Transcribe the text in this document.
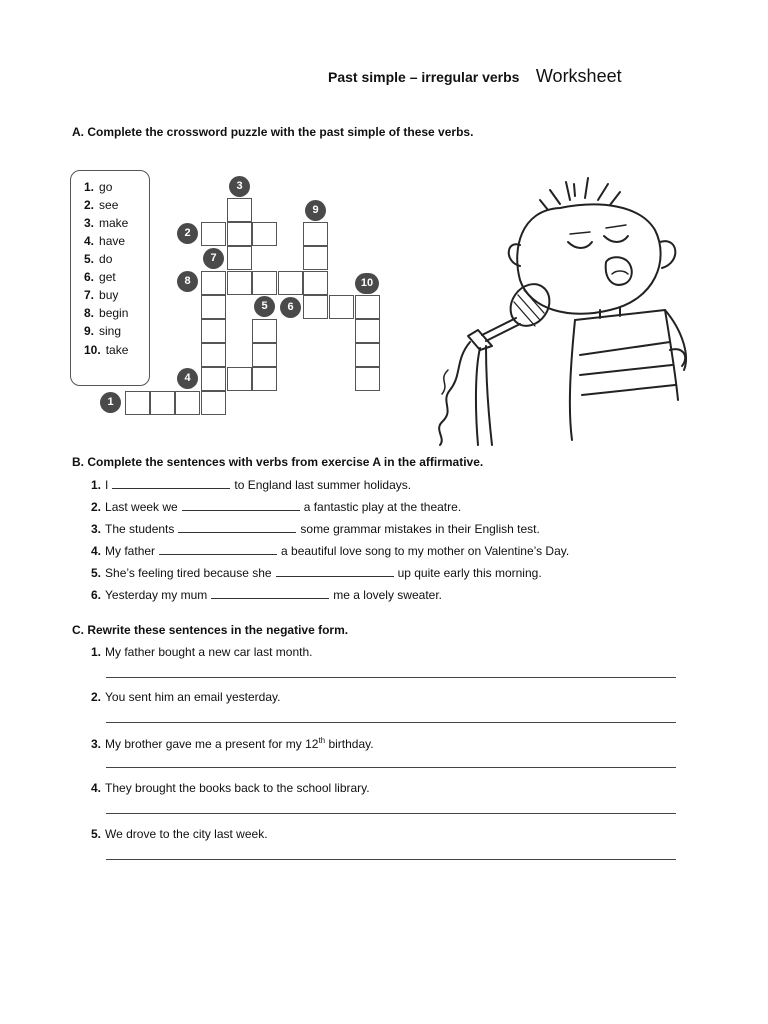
Past simple – irregular verbs Worksheet
A. Complete the crossword puzzle with the past simple of these verbs.
1. go
2. see
3. make
4. have
5. do
6. get
7. buy
8. begin
9. sing
10. take
1
2
3
4
5	6
7
8
9
10
B. Complete the sentences with verbs from exercise A in the affirmative.
1. I	to England last summer holidays.
2. Last week we	a fantastic play at the theatre.
3. The students	some grammar mistakes in their English test.
4. My father	a beautiful love song to my mother on Valentine’s Day.
5. She’s feeling tired because she	up quite early this morning.
6. Yesterday my mum	me a lovely sweater.
C. Rewrite these sentences in the negative form.
1. My father bought a new car last month.
2. You sent him an email yesterday.
3. My brother gave me a present for my 12th birthday.
4. They brought the books back to the school library.
5. We drove to the city last week.
